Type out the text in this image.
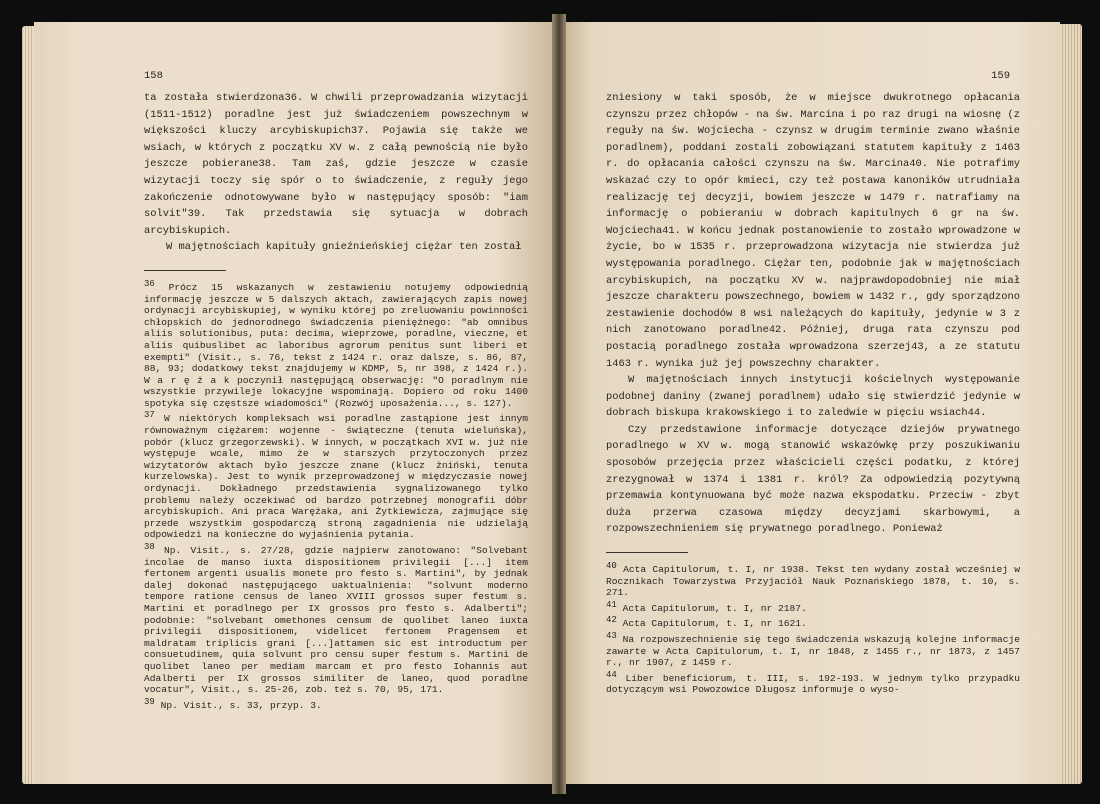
158

ta została stwierdzona36. W chwili przeprowadzania wizytacji (1511-1512) poradlne jest już świadczeniem powszechnym w większości kluczy arcybiskupich37. Pojawia się także we wsiach, w których z początku XV w. z całą pewnością nie było jeszcze pobierane38. Tam zaś, gdzie jeszcze w czasie wizytacji toczy się spór o to świadczenie, z reguły jego zakończenie odnotowywane było w następujący sposób: "iam solvit"39. Tak przedstawia się sytuacja w dobrach arcybiskupich.

W majętnościach kapituły gnieźnieńskiej ciężar ten został

36 Prócz 15 wskazanych w zestawieniu notujemy odpowiednią informację jeszcze w 5 dalszych aktach, zawierających zapis nowej ordynacji arcybiskupiej, w wyniku której po zreluowaniu powinności chłopskich do jednorodnego świadczenia pieniężnego: "ab omnibus aliis solutionibus, puta: decima, wieprzowe, poradlne, vieczne, et aliis quibuslibet ac laboribus agrorum penitus sunt liberi et exempti" (Visit., s. 76, tekst z 1424 r. oraz dalsze, s. 86, 87, 88, 93; dodatkowy tekst znajdujemy w KDMP, 5, nr 398, z 1424 r.). W a r ę ż a k poczynił następującą obserwację: "O poradlnym nie wszystkie przywileje lokacyjne wspominają. Dopiero od roku 1400 spotyka się częstsze wiadomości" (Rozwój uposażenia..., s. 127).

37 W niektórych kompleksach wsi poradlne zastąpione jest innym równoważnym ciężarem: wojenne - świąteczne (tenuta wieluńska), pobór (klucz grzegorzewski). W innych, w początkach XVI w. już nie występuje wcale, mimo że w starszych przytoczonych przez wizytatorów aktach było jeszcze znane (klucz żniński, tenuta kurzelowska). Jest to wynik przeprowadzonej w międzyczasie nowej ordynacji. Dokładnego przedstawienia sygnalizowanego tylko problemu należy oczekiwać od bardzo potrzebnej monografii dóbr arcybiskupich. Ani praca Warężaka, ani Żytkiewicza, zajmujące się przede wszystkim gospodarczą stroną zagadnienia nie udzielają odpowiedzi na konieczne do wyjaśnienia pytania.

38 Np. Visit., s. 27/28, gdzie najpierw zanotowano: "Solvebant incolae de manso iuxta dispositionem privilegii [...] item fertonem argenti usualis monete pro festo s. Martini", by jednak dalej dokonać następującego uaktualnienia: "solvunt moderno tempore ratione census de laneo XVIII grossos super festum s. Martini et poradlnego per IX grossos pro festo s. Adalberti"; podobnie: "solvebant omethones censum de quolibet laneo iuxta privilegii dispositionem, videlicet fertonem Pragensem et maldratam triplicis grani [...]attamen sic est introductum per consuetudinem, quia solvunt pro censu super festum s. Martini de quolibet laneo per mediam marcam et pro festo Iohannis aut Adalberti per IX grossos similiter de laneo, quod poradlne vocatur", Visit., s. 25-26, zob. też s. 70, 95, 171.

39 Np. Visit., s. 33, przyp. 3.

159

zniesiony w taki sposób, że w miejsce dwukrotnego opłacania czynszu przez chłopów - na św. Marcina i po raz drugi na wiosnę (z reguły na św. Wojciecha - czynsz w drugim terminie zwano właśnie poradlnem), poddani zostali zobowiązani statutem kapituły z 1463 r. do opłacania całości czynszu na św. Marcina40. Nie potrafimy wskazać czy to opór kmieci, czy też postawa kanoników utrudniała realizację tej decyzji, bowiem jeszcze w 1479 r. natrafiamy na informację o pobieraniu w dobrach kapitulnych 6 gr na św. Wojciecha41. W końcu jednak postanowienie to zostało wprowadzone w życie, bo w 1535 r. przeprowadzona wizytacja nie stwierdza już występowania poradlnego. Ciężar ten, podobnie jak w majętnościach arcybiskupich, na początku XV w. najprawdopodobniej nie miał jeszcze charakteru powszechnego, bowiem w 1432 r., gdy sporządzono zestawienie dochodów 8 wsi należących do kapituły, jedynie w 3 z nich zanotowano poradlne42. Później, druga rata czynszu pod postacią poradlnego została wprowadzona szerzej43, a ze statutu 1463 r. wynika już jej powszechny charakter.

W majętnościach innych instytucji kościelnych występowanie podobnej daniny (zwanej poradlnem) udało się stwierdzić jedynie w dobrach biskupa krakowskiego i to zaledwie w pięciu wsiach44.

Czy przedstawione informacje dotyczące dziejów prywatnego poradlnego w XV w. mogą stanowić wskazówkę przy poszukiwaniu sposobów przejęcia przez właścicieli części podatku, z której zrezygnował w 1374 i 1381 r. król? Za odpowiedzią pozytywną przemawia kontynuowana być może nazwa ekspodatku. Przeciw - zbyt duża przerwa czasowa między decyzjami skarbowymi, a rozpowszechnieniem się prywatnego poradlnego. Ponieważ

40 Acta Capitulorum, t. I, nr 1938. Tekst ten wydany został wcześniej w Rocznikach Towarzystwa Przyjaciół Nauk Poznańskiego 1878, t. 10, s. 271.

41 Acta Capitulorum, t. I, nr 2187.

42 Acta Capitulorum, t. I, nr 1621.

43 Na rozpowszechnienie się tego świadczenia wskazują kolejne informacje zawarte w Acta Capitulorum, t. I, nr 1848, z 1455 r., nr 1873, z 1457 r., nr 1907, z 1459 r.

44 Liber beneficiorum, t. III, s. 192-193. W jednym tylko przypadku dotyczącym wsi Powozowice Długosz informuje o wyso-
